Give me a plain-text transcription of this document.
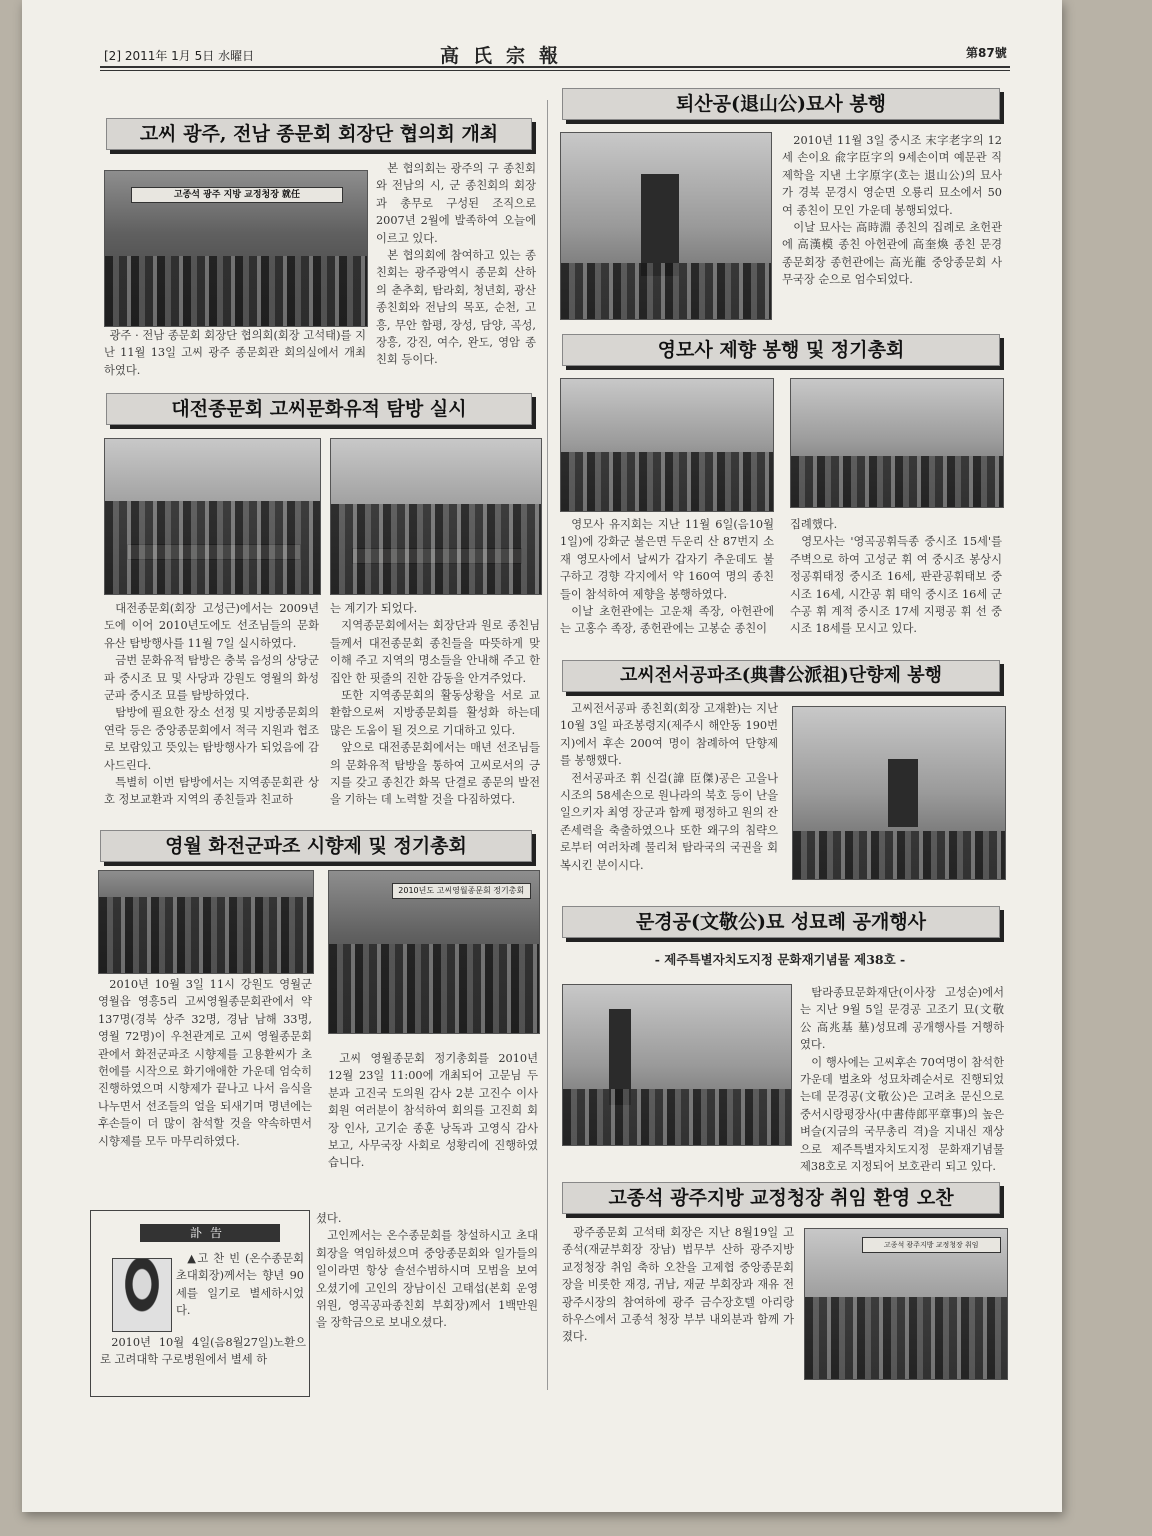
[2] 2011年 1月 5日 水曜日	高氏宗報	第87號
고씨 광주, 전남 종문회 회장단 협의회 개최
고종석 광주 지방 교정청장 就任

광주 · 전남 종문회 회장단 협의회(회장 고석태)를 지난 11월 13일 고씨 광주 종문회관 회의실에서 개최 하였다.

본 협의회는 광주의 구 종친회와 전남의 시, 군 종친회의 회장과 총무로 구성된 조직으로 2007년 2월에 발족하여 오늘에 이르고 있다.

본 협의회에 참여하고 있는 종친회는 광주광역시 종문회 산하의 춘추회, 탐라회, 청년회, 광산종친회와 전남의 목포, 순천, 고흥, 무안 함평, 장성, 담양, 곡성, 장흥, 강진, 여수, 완도, 영암 종친회 등이다.

대전종문회 고씨문화유적 탐방 실시

대전종문회(회장 고성근)에서는 2009년도에 이어 2010년도에도 선조님들의 문화유산 탐방행사를 11월 7일 실시하였다.

금번 문화유적 탐방은 충북 음성의 상당군파 중시조 묘 및 사당과 강원도 영월의 화성군파 중시조 묘를 탐방하였다.

탐방에 필요한 장소 선정 및 지방종문회의 연락 등은 중앙종문회에서 적극 지원과 협조로 보람있고 뜻있는 탐방행사가 되었음에 감사드린다.

특별히 이번 탐방에서는 지역종문회관 상호 정보교환과 지역의 종친들과 친교하

는 계기가 되었다.

지역종문회에서는 회장단과 원로 종친님들께서 대전종문회 종친들을 따뜻하게 맞이해 주고 지역의 명소들을 안내해 주고 한집안 한 핏줄의 진한 감동을 안겨주었다.

또한 지역종문회의 활동상황을 서로 교환함으로써 지방종문회를 활성화 하는데 많은 도움이 될 것으로 기대하고 있다.

앞으로 대전종문회에서는 매년 선조님들의 문화유적 탐방을 통하여 고씨로서의 긍지를 갖고 종친간 화목 단결로 종문의 발전을 기하는 데 노력할 것을 다짐하였다.

영월 화전군파조 시향제 및 정기총회
2010년도 고씨영월종문회 정기총회

2010년 10월 3일 11시 강원도 영월군 영월읍 영흥5리 고씨영월종문회관에서 약 137명(경북 상주 32명, 경남 남해 33명, 영월 72명)이 우천관계로 고씨 영월종문회관에서 화전군파조 시향제를 고용환씨가 초헌에를 시작으로 화기애애한 가운데 엄숙히 진행하였으며 시향제가 끝나고 나서 음식을 나누면서 선조들의 얼을 되새기며 명년에는 후손들이 더 많이 참석할 것을 약속하면서 시향제를 모두 마무리하였다.

고씨 영월종문회 정기총회를 2010년 12월 23일 11:00에 개최되어 고문님 두분과 고진국 도의원 감사 2분 고진수 이사 회원 여러분이 참석하여 회의를 고진희 회장 인사, 고기순 종훈 낭독과 고영식 감사보고, 사무국장 사회로 성황리에 진행하였습니다.

訃告

▲고 찬 빈 (온수종문회 초대회장)께서는 향년 90세를 일기로 별세하시었다.

2010년 10월 4일(음8월27일)노환으로 고려대학 구로병원에서 별세 하

셨다.

고인께서는 온수종문회를 창설하시고 초대 회장을 역임하셨으며 중앙종문회와 일가들의 일이라면 항상 솔선수범하시며 모범을 보여 오셨기에 고인의 장남이신 고태섭(본회 운영위원, 영곡공파종친회 부회장)께서 1백만원을 장학금으로 보내오셨다.

퇴산공(退山公)묘사 봉행

2010년 11월 3일 중시조 末字老字의 12세 손이요 兪字臣字의 9세손이며 예문관 직제학을 지낸 土字原字(호는 退山公)의 묘사가 경북 문경시 영순면 오룡리 묘소에서 50여 종친이 모인 가운데 봉행되었다.

이날 묘사는 高時淵 종친의 집례로 초헌관에 高漢模 종친 아헌관에 高奎煥 종친 문경종문회장 종헌관에는 高光龍 중앙종문회 사무국장 순으로 엄수되었다.

영모사 제향 봉행 및 정기총회

영모사 유지회는 지난 11월 6일(음10월1일)에 강화군 불은면 두운리 산 87번지 소재 영모사에서 날씨가 갑자기 추운데도 불구하고 경향 각지에서 약 160여 명의 종친들이 참석하여 제향을 봉행하였다.

이날 초헌관에는 고운채 족장, 아헌관에는 고홍수 족장, 종헌관에는 고봉순 종친이

집례했다.

영모사는 '영곡공휘득종 중시조 15세'를 주벽으로 하여 고성군 휘 여 중시조 봉상시 정공휘태정 중시조 16세, 판관공휘태보 중시조 16세, 시간공 휘 태익 중시조 16세 군수공 휘 계적 중시조 17세 지평공 휘 선 중시조 18세를 모시고 있다.

고씨전서공파조(典書公派祖)단향제 봉행

고씨전서공파 종친회(회장 고재환)는 지난 10월 3일 파조봉령지(제주시 해안동 190번지)에서 후손 200여 명이 참례하여 단향제를 봉행했다.

전서공파조 휘 신걸(諱 臣傑)공은 고을나 시조의 58세손으로 원나라의 북호 등이 난을 일으키자 최영 장군과 함께 평정하고 원의 잔존세력을 축출하였으나 또한 왜구의 침략으로부터 여러차례 물리쳐 탐라국의 국권을 회복시킨 분이시다.

문경공(文敬公)묘 성묘례 공개행사
- 제주특별자치도지정 문화재기념물 제38호 -

탐라종묘문화재단(이사장 고성순)에서는 지난 9월 5일 문경공 고조기 묘(文敬公 高兆基 墓)성묘례 공개행사를 거행하였다.

이 행사에는 고씨후손 70여명이 참석한 가운데 벌초와 성묘차례순서로 진행되었는데 문경공(文敬公)은 고려초 문신으로 중서시랑평장사(中書侍郎平章事)의 높은 벼슬(지금의 국무총리 격)을 지내신 재상으로 제주특별자치도지정 문화재기념물 제38호로 지정되어 보호관리 되고 있다.

고종석 광주지방 교정청장 취임 환영 오찬

광주종문회 고석태 회장은 지난 8월19일 고종석(재균부회장 장남) 법무부 산하 광주지방 교정청장 취임 축하 오찬을 고제협 중앙종문회장을 비롯한 재경, 귀남, 재균 부회장과 재유 전 광주시장의 참여하에 광주 금수장호텔 아리랑 하우스에서 고종석 청장 부부 내외분과 함께 가졌다.

고종석 광주지방 교정청장 취임
